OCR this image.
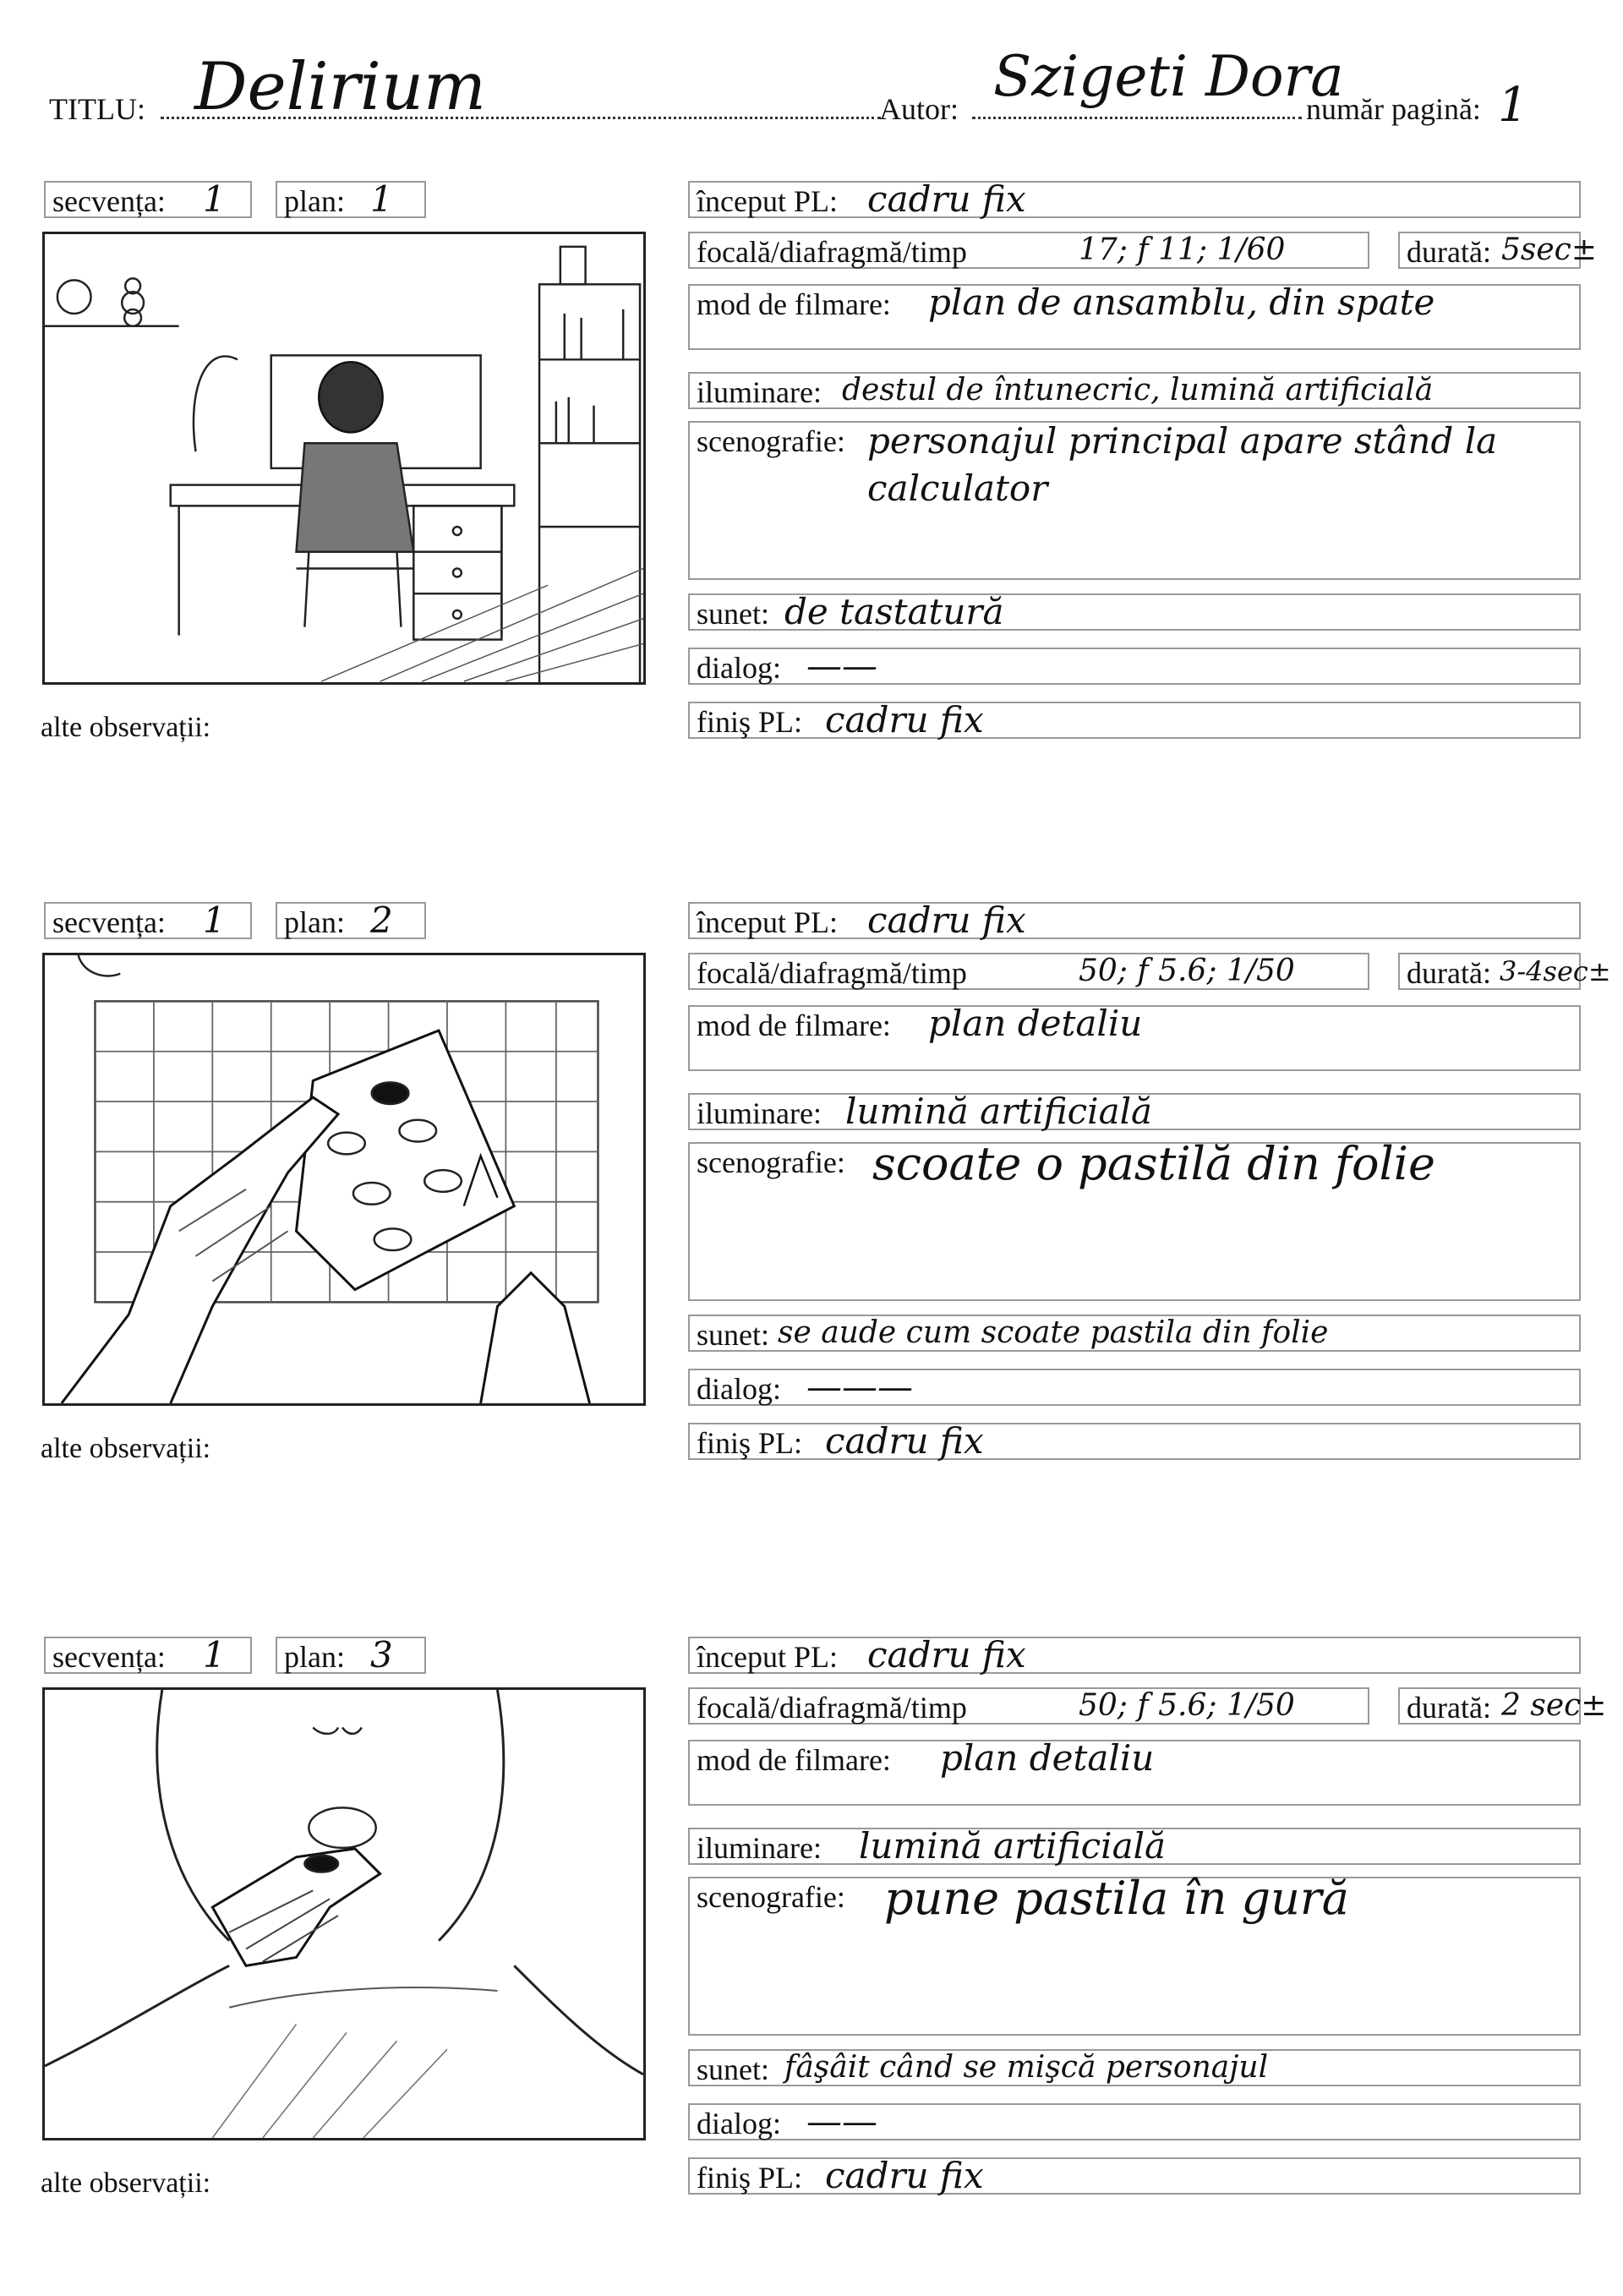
TITLU: Delirium	Autor: Szigeti Dora
număr pagină: 1
secvența: 1 plan: 1
alte observații:
început PL: cadru fix
focală/diafragmă/timp	17; f 11; 1/60	durată: 5sec±
mod de filmare: plan de ansamblu, din spate
iluminare: destul de întunecric, lumină artificială
scenografie: personajul principal apare stând la calculator
sunet: de tastatură
dialog: ——
finiş PL: cadru fix
secvența: 1 plan: 2
alte observații:
început PL: cadru fix
focală/diafragmă/timp	50; f 5.6; 1/50	durată: 3-4sec±
mod de filmare: plan detaliu
iluminare: lumină artificială
scenografie: scoate o pastilă din folie
sunet: se aude cum scoate pastila din folie
dialog: ———
finiş PL: cadru fix
secvența: 1 plan: 3
alte observații:
început PL: cadru fix
focală/diafragmă/timp	50; f 5.6; 1/50	durată: 2 sec±
mod de filmare: plan detaliu
iluminare: lumină artificială
scenografie: pune pastila în gură
sunet: fâşâit când se mişcă personajul
dialog: ——
finiş PL: cadru fix
